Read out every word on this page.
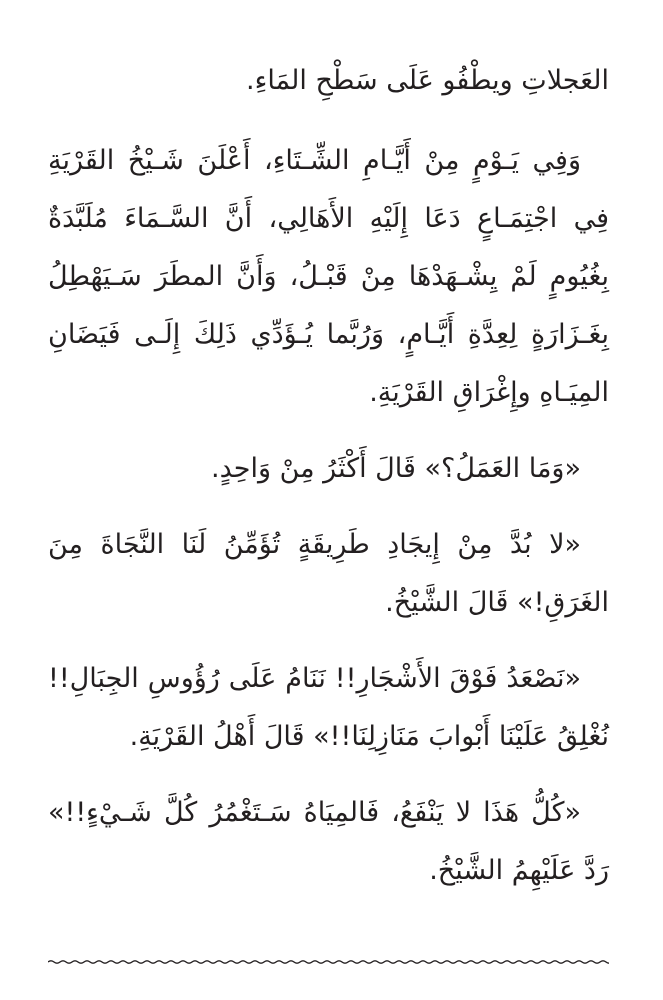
العَجلاتِ ويطْفُو عَلَى سَطْحِ المَاءِ.

وَفِي يَـوْمٍ مِنْ أَيَّـامِ الشِّـتَاءِ، أَعْلَنَ شَـيْخُ القَرْيَةِ فِي اجْتِمَـاعٍ دَعَا إِلَيْهِ الأَهَالِي، أَنَّ السَّـمَاءَ مُلَبَّدَةٌ بِغُيُومٍ لَمْ يِشْـهَدْهَا مِنْ قَبْـلُ، وَأَنَّ المطَرَ سَـيَهْطِلُ بِغَـزَارَةٍ لِعِدَّةِ أَيَّـامٍ، وَرُبَّما يُـؤَدِّي ذَلِكَ إِلَـى فَيَضَانِ المِيَـاهِ وإِغْرَاقِ القَرْيَةِ.

«وَمَا العَمَلُ؟» قَالَ أَكْثَرُ مِنْ وَاحِدٍ.

«لا بُدَّ مِنْ إِيجَادِ طَرِيقَةٍ تُؤَمِّنُ لَنَا النَّجَاةَ مِنَ الغَرَقِ!» قَالَ الشَّيْخُ.

«نَصْعَدُ فَوْقَ الأَشْجَارِ!! نَنَامُ عَلَى رُؤُوسِ الجِبَالِ!! نُغْلِقُ عَلَيْنَا أَبْوابَ مَنَازِلِنَا!!» قَالَ أَهْلُ القَرْيَةِ.

«كُلُّ هَذَا لا يَنْفَعُ، فَالمِيَاهُ سَـتَغْمُرُ كُلَّ شَـيْءٍ!!» رَدَّ عَلَيْهِمُ الشَّيْخُ.
